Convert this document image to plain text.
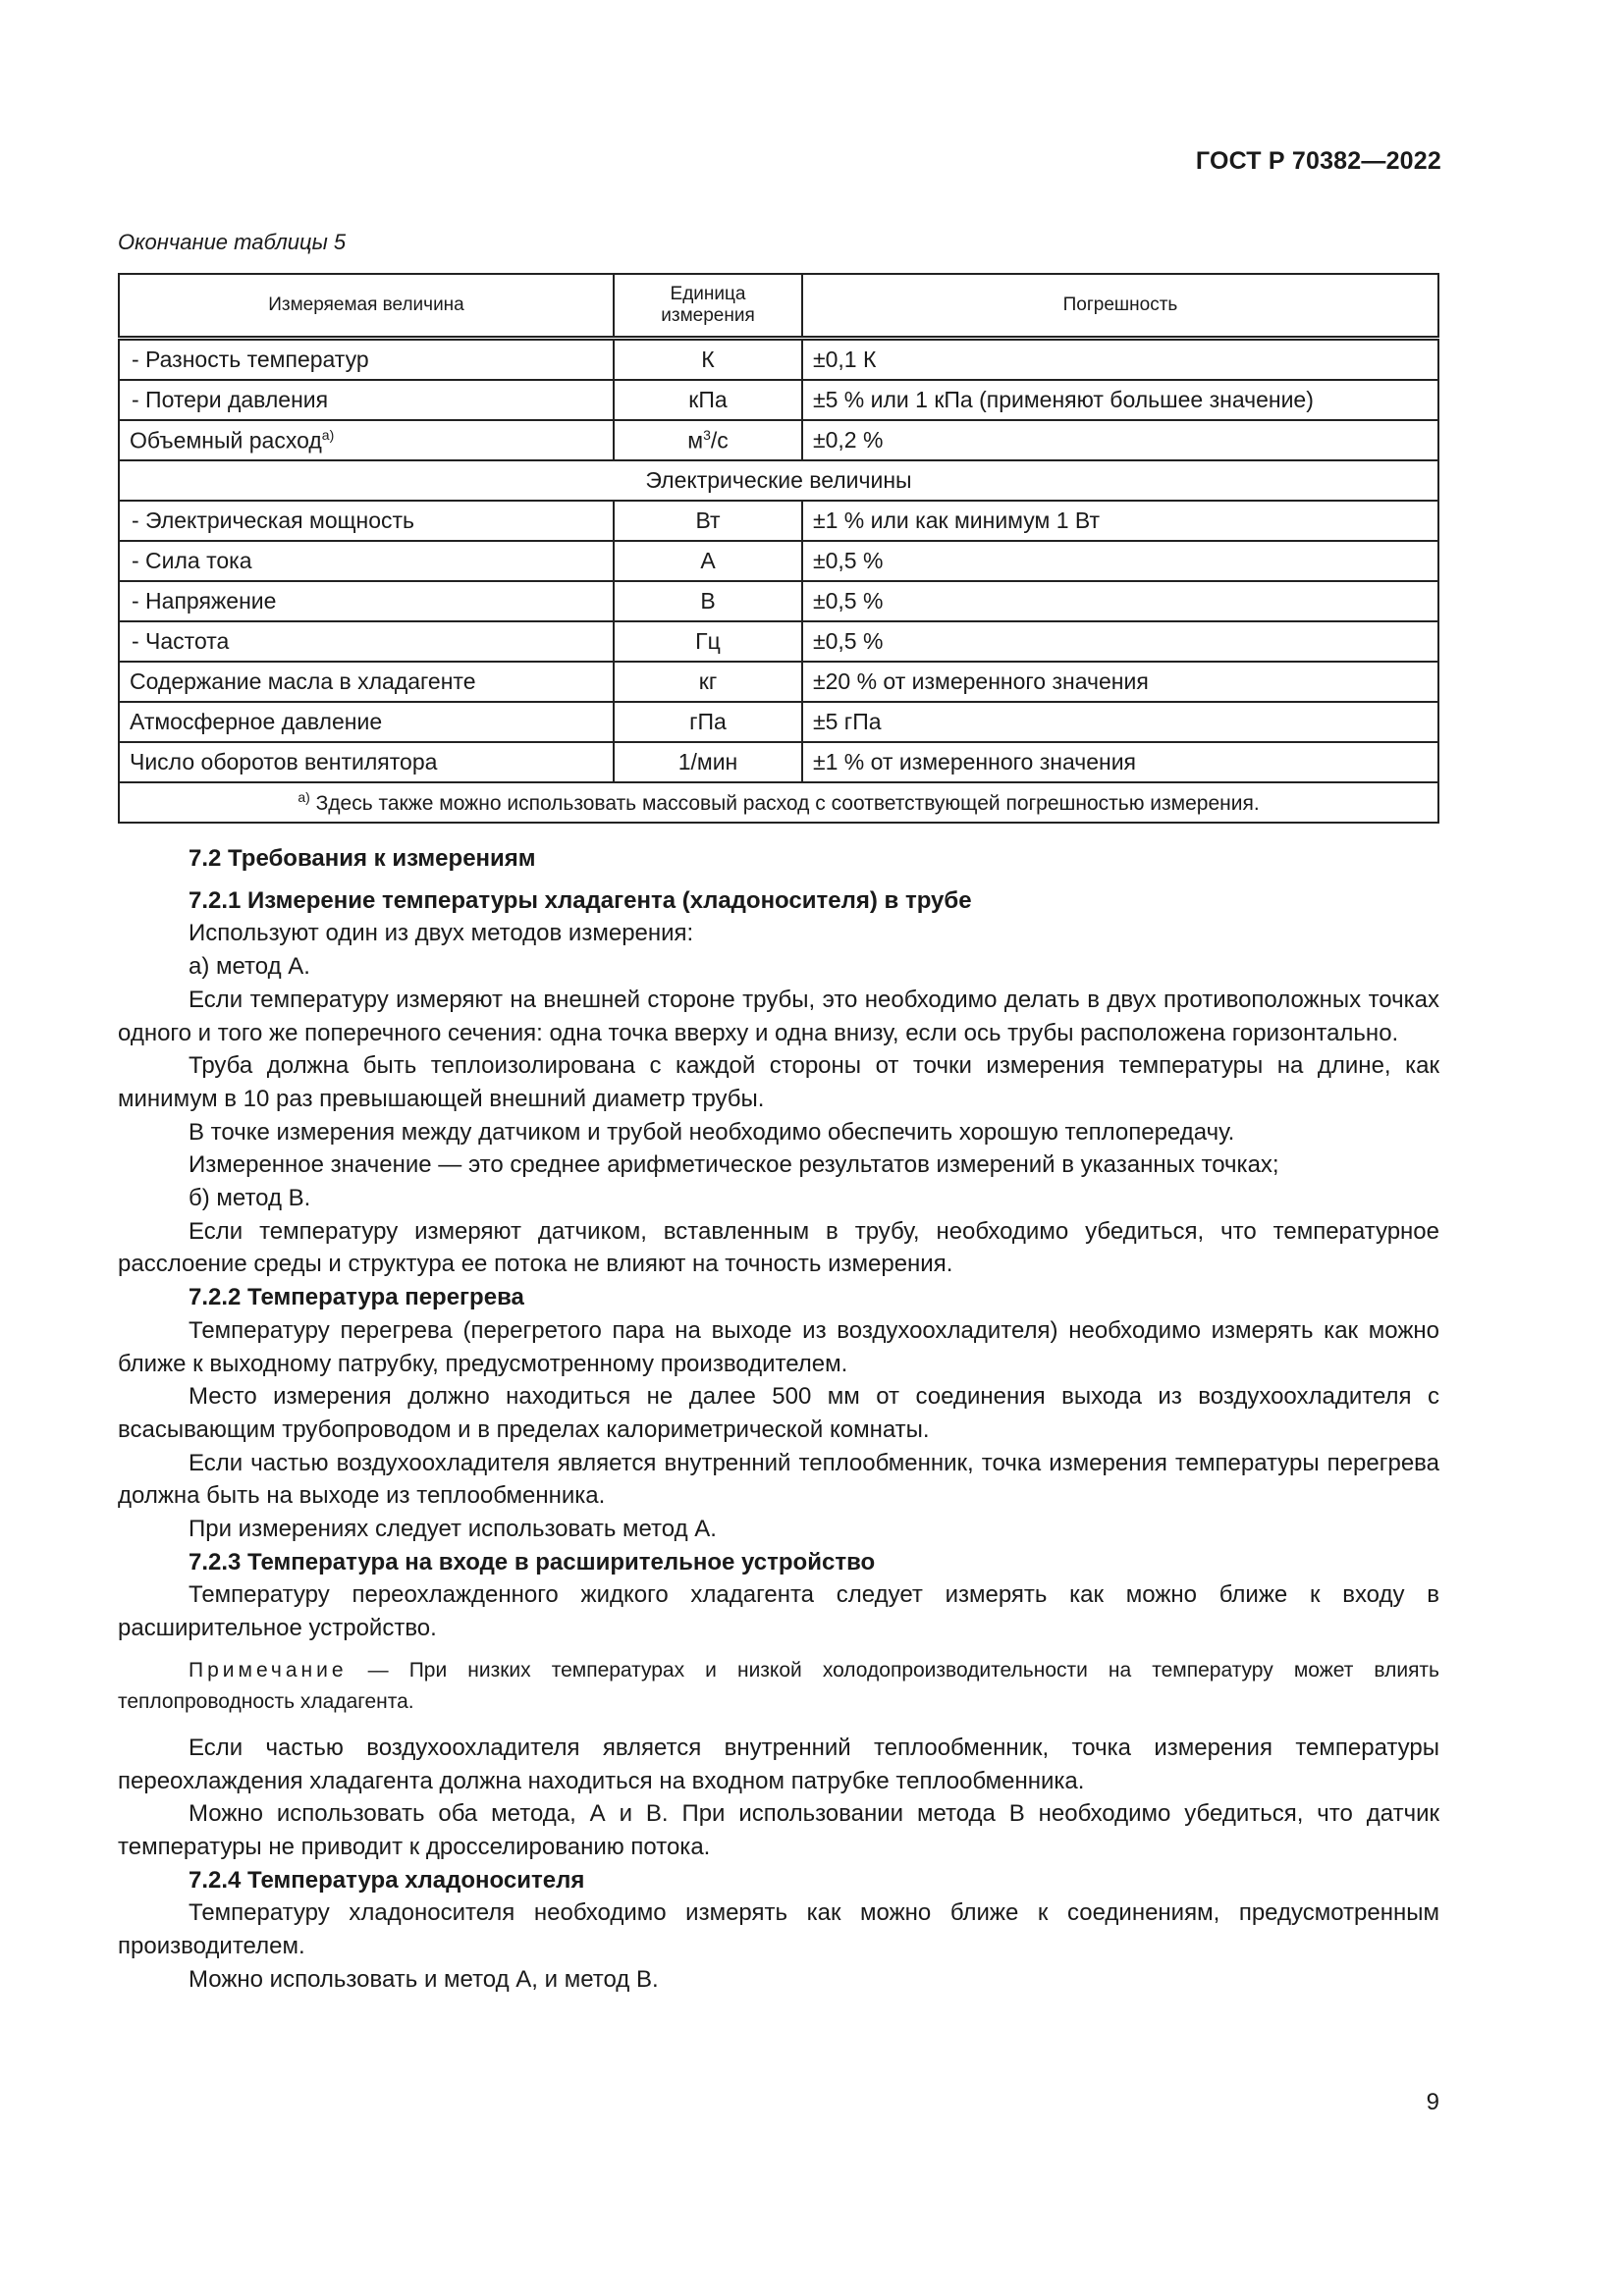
ГОСТ Р 70382—2022
Окончание таблицы 5
Измеряемая величина	Единица измерения	Погрешность
- Разность температур	К	±0,1 К
- Потери давления	кПа	±5 % или 1 кПа (применяют большее значение)
Объемный расход$^{а)}$	$м^3/с$	±0,2 %
Электрические величины		
- Электрическая мощность	Вт	±1 % или как минимум 1 Вт
- Сила тока	А	±0,5 %
- Напряжение	В	±0,5 %
- Частота	Гц	±0,5 %
Содержание масла в хладагенте	кг	±20 % от измеренного значения
Атмосферное давление	гПа	±5 гПа
Число оборотов вентилятора	1/мин	±1 % от измеренного значения
$^{а)}$ Здесь также можно использовать массовый расход с соответствующей погрешностью измерения.		

7.2 Требования к измерениям

7.2.1 Измерение температуры хладагента (хладоносителя) в трубе

Используют один из двух методов измерения:

а) метод А.

Если температуру измеряют на внешней стороне трубы, это необходимо делать в двух противоположных точках одного и того же поперечного сечения: одна точка вверху и одна внизу, если ось трубы расположена горизонтально.

Труба должна быть теплоизолирована с каждой стороны от точки измерения температуры на длине, как минимум в 10 раз превышающей внешний диаметр трубы.

В точке измерения между датчиком и трубой необходимо обеспечить хорошую теплопередачу.

Измеренное значение — это среднее арифметическое результатов измерений в указанных точках;

б) метод В.

Если температуру измеряют датчиком, вставленным в трубу, необходимо убедиться, что температурное расслоение среды и структура ее потока не влияют на точность измерения.

7.2.2 Температура перегрева

Температуру перегрева (перегретого пара на выходе из воздухоохладителя) необходимо измерять как можно ближе к выходному патрубку, предусмотренному производителем.

Место измерения должно находиться не далее 500 мм от соединения выхода из воздухоохладителя с всасывающим трубопроводом и в пределах калориметрической комнаты.

Если частью воздухоохладителя является внутренний теплообменник, точка измерения температуры перегрева должна быть на выходе из теплообменника.

При измерениях следует использовать метод А.

7.2.3 Температура на входе в расширительное устройство

Температуру переохлажденного жидкого хладагента следует измерять как можно ближе к входу в расширительное устройство.

Примечание — При низких температурах и низкой холодопроизводительности на температуру может влиять теплопроводность хладагента.

Если частью воздухоохладителя является внутренний теплообменник, точка измерения температуры переохлаждения хладагента должна находиться на входном патрубке теплообменника.

Можно использовать оба метода, А и В. При использовании метода В необходимо убедиться, что датчик температуры не приводит к дросселированию потока.

7.2.4 Температура хладоносителя

Температуру хладоносителя необходимо измерять как можно ближе к соединениям, предусмотренным производителем.

Можно использовать и метод А, и метод В.

9
